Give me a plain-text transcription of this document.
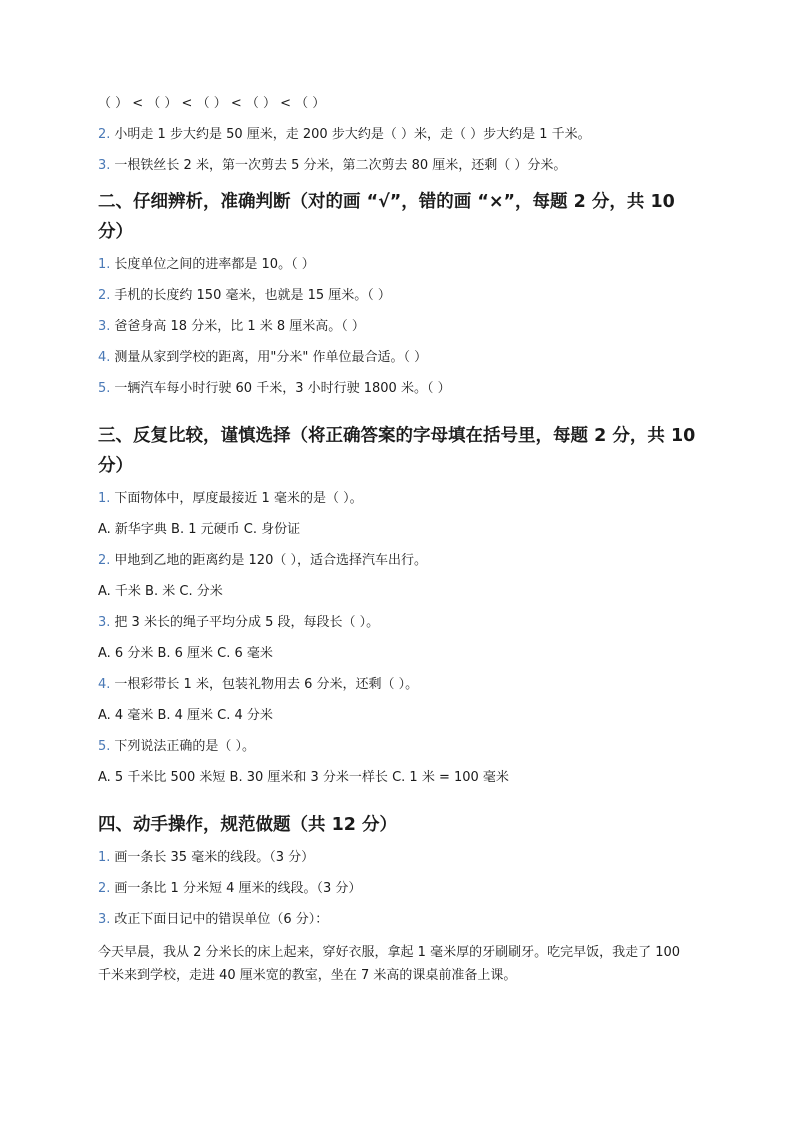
（ ） < （ ） < （ ） < （ ） < （ ）

2. 小明走 1 步大约是 50 厘米，走 200 步大约是（ ）米，走（ ）步大约是 1 千米。

3. 一根铁丝长 2 米，第一次剪去 5 分米，第二次剪去 80 厘米，还剩（ ）分米。

二、仔细辨析，准确判断（对的画 “√”，错的画 “×”，每题 2 分，共 10 分）

1. 长度单位之间的进率都是 10。（ ）

2. 手机的长度约 150 毫米，也就是 15 厘米。（ ）

3. 爸爸身高 18 分米，比 1 米 8 厘米高。（ ）

4. 测量从家到学校的距离，用"分米" 作单位最合适。（ ）

5. 一辆汽车每小时行驶 60 千米，3 小时行驶 1800 米。（ ）

三、反复比较，谨慎选择（将正确答案的字母填在括号里，每题 2 分，共 10 分）

1. 下面物体中，厚度最接近 1 毫米的是（ ）。

A. 新华字典 B. 1 元硬币 C. 身份证

2. 甲地到乙地的距离约是 120（ ），适合选择汽车出行。

A. 千米 B. 米 C. 分米

3. 把 3 米长的绳子平均分成 5 段，每段长（ ）。

A. 6 分米 B. 6 厘米 C. 6 毫米

4. 一根彩带长 1 米，包装礼物用去 6 分米，还剩（ ）。

A. 4 毫米 B. 4 厘米 C. 4 分米

5. 下列说法正确的是（ ）。

A. 5 千米比 500 米短 B. 30 厘米和 3 分米一样长 C. 1 米 = 100 毫米

四、动手操作，规范做题（共 12 分）

1. 画一条长 35 毫米的线段。（3 分）

2. 画一条比 1 分米短 4 厘米的线段。（3 分）

3. 改正下面日记中的错误单位（6 分）：

今天早晨，我从 2 分米长的床上起来，穿好衣服，拿起 1 毫米厚的牙刷刷牙。吃完早饭，我走了 100 千米来到学校，走进 40 厘米宽的教室，坐在 7 米高的课桌前准备上课。
